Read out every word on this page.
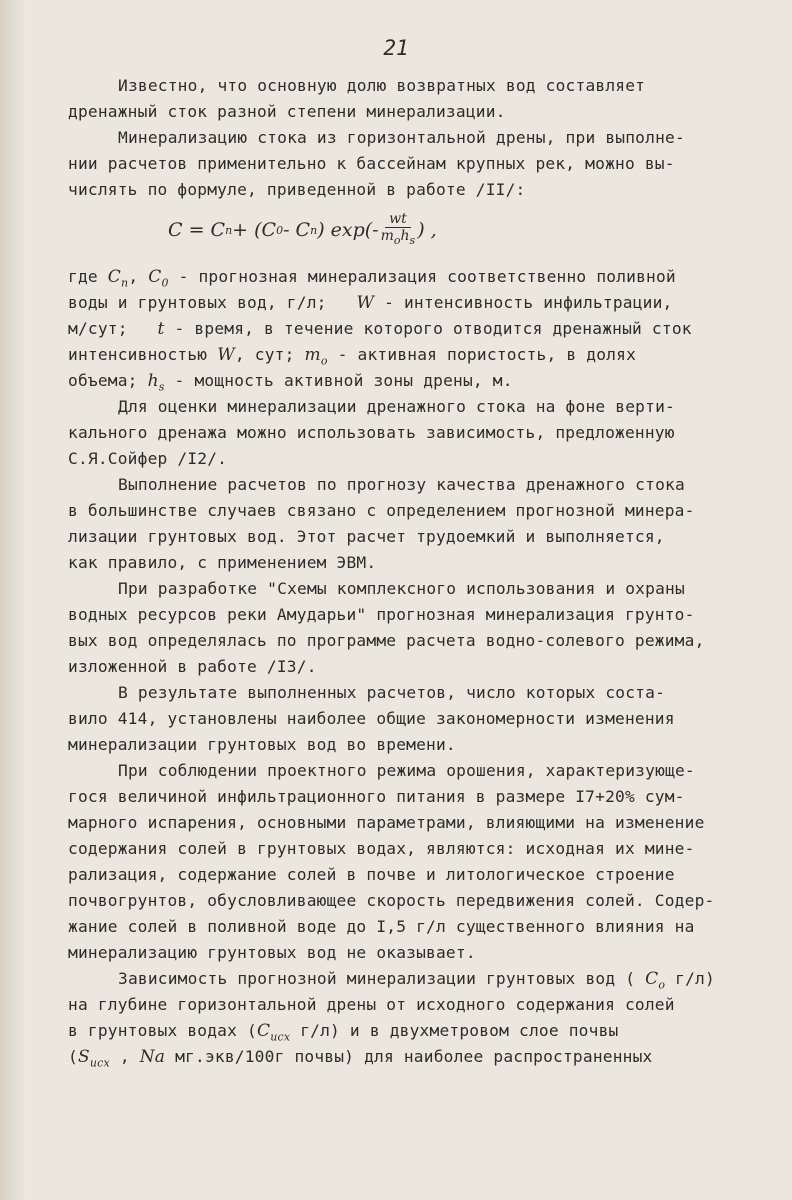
21
Известно, что основную долю возвратных вод составляет
дренажный сток разной степени минерализации.
Минерализацию стока из горизонтальной дрены, при выполне-
нии расчетов применительно к бассейнам крупных рек, можно вы-
числять по формуле, приведенной в работе /II/:
C = C n + (C 0 - C n ) $\exp(- \frac{wt}{m_oh_s}$ ) ,
где $C_n$, $C_0$ - прогнозная минерализация соответственно поливной
воды и грунтовых вод, г/л; W - интенсивность инфильтрации,
м/сут; t - время, в течение которого отводится дренажный сток
интенсивностью W, сут; $m_o$ - активная пористость, в долях
объема; $h_s$ - мощность активной зоны дрены, м.
Для оценки минерализации дренажного стока на фоне верти-
кального дренажа можно использовать зависимость, предложенную
С.Я.Сойфер /I2/.
Выполнение расчетов по прогнозу качества дренажного стока
в большинстве случаев связано с определением прогнозной минера-
лизации грунтовых вод. Этот расчет трудоемкий и выполняется,
как правило, с применением ЭВМ.
При разработке "Схемы комплексного использования и охраны
водных ресурсов реки Амударьи" прогнозная минерализация грунто-
вых вод определялась по программе расчета водно-солевого режима,
изложенной в работе /I3/.
В результате выполненных расчетов, число которых соста-
вило 414, установлены наиболее общие закономерности изменения
минерализации грунтовых вод во времени.
При соблюдении проектного режима орошения, характеризующе-
гося величиной инфильтрационного питания в размере I7+20% сум-
марного испарения, основными параметрами, влияющими на изменение
содержания солей в грунтовых водах, являются: исходная их мине-
рализация, содержание солей в почве и литологическое строение
почвогрунтов, обусловливающее скорость передвижения солей. Содер-
жание солей в поливной воде до I,5 г/л существенного влияния на
минерализацию грунтовых вод не оказывает.
Зависимость прогнозной минерализации грунтовых вод ( $C_o$ г/л)
на глубине горизонтальной дрены от исходного содержания солей
в грунтовых водах ($C_{исх}$ г/л) и в двухметровом слое почвы
($S_{исх}$ , Na мг.экв/100г почвы) для наиболее распространенных
